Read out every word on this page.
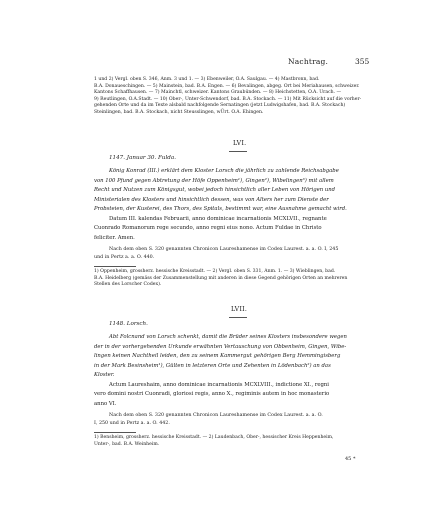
Nachtrag.	355
1 und 2) Vergl. oben S. 346, Anm. 3 und 1. — 3) Ebenweiler, O.A. Saulgau. — 4) Mastbronn, bad.
B.A. Donaueschingen. — 5) Mainstein, bad. B.A. Engen. — 6) Bevalingen, abgeg. Ort bei Meriahausen, schweizer.
Kantons Schaffhausen. — 7) Mainchtl, schweizer. Kantons Graubünden. — 8) Heichstetten, O.A. Urach. —
9) Reutlingen, O.A.Stadt. — 10) Ober-, Unter-Schwendorf, bad. B.A. Stockach. — 11) Mit Rücksicht auf die vorher-
gehenden Orte und da im Texte alsbald nachfolgende Sernatingen (jetzt Ludwigshafen, bad. B.A. Stockach)
Steinlingen, bad. B.A. Stockach, nicht Steusslingen, wÜrt. O.A. Ehingen.
LVI.
1147. Januar 30. Fulda.
König Konrad (III.) erklärt dem Kloster Lorsch die jährlich zu zahlende Reichsabgabe
von 100 Pfund gegen Abtretung der Höfe Oppenheim¹), Gingen²), Wibelingen³) mit allem
Recht und Nutzen zum Königsgut, wobei jedoch hinsichtlich aller Leben von Hörigen und
Ministerialen des Klosters und hinsichtlich dessen, was von Alters her zum Dienste der
Probsteien, der Kusterei, des Thors, des Spitals, bestimmt war, eine Ausnahme gemacht wird.
Datum III. kalendas Februarii, anno dominicae incarnationis MCXLVII., regnante
Cuonrado Romanorum rege secundo, anno regni eius nono. Actum Fuldae in Christo
feliciter. Amen.
Nach dem oben S. 320 genannten Chronicon Laureshamense im Codex Laurest. a. a. O. I, 245
und in Pertz a. a. O. 440.
1) Oppenheim, grossherz. hessische Kreisstadt. — 2) Vergl. oben S. 331, Anm. 1. — 3) Wieblingen, bad.
B.A. Heidelberg (gemäss der Zusammenstellung mit anderen in diese Gegend gehörigen Orten an mehreren
Stellen des Lorscher Codex).
LVII.
1148. Lorsch.
Abt Folcnand von Lorsch schenkt, damit die Brüder seines Klosters insbesondere wegen
der in der vorhergehenden Urkunde erwähnten Vertauschung von Obbenheim, Gingen, Wibe-
lingen keinen Nachtheil leiden, den zu seinem Kammergut gehörigen Berg Hemmingisberg
in der Mark Besinsheim¹), Gülten in letzteren Orte und Zehenten in Lödenbach²) an das
Kloster.
Actum Laureshaim, anno dominicae incarnationis MCXLVIII., indictione XI., regni
vero domini nostri Cuonradi, gloriosi regis, anno X., regiminis autem in hoc monasterio
anno VI.
Nach dem oben S. 320 genannten Chronicon Laureshamense im Codex Laurest. a. a. O.
I, 250 und in Pertz a. a. O. 442.
1) Bensheim, grossherz. hessische Kreisstadt. — 2) Laudenbach, Ober-, hessischer Kreis Heppenheim,
Unter-, bad. B.A. Weinheim.
45 *
